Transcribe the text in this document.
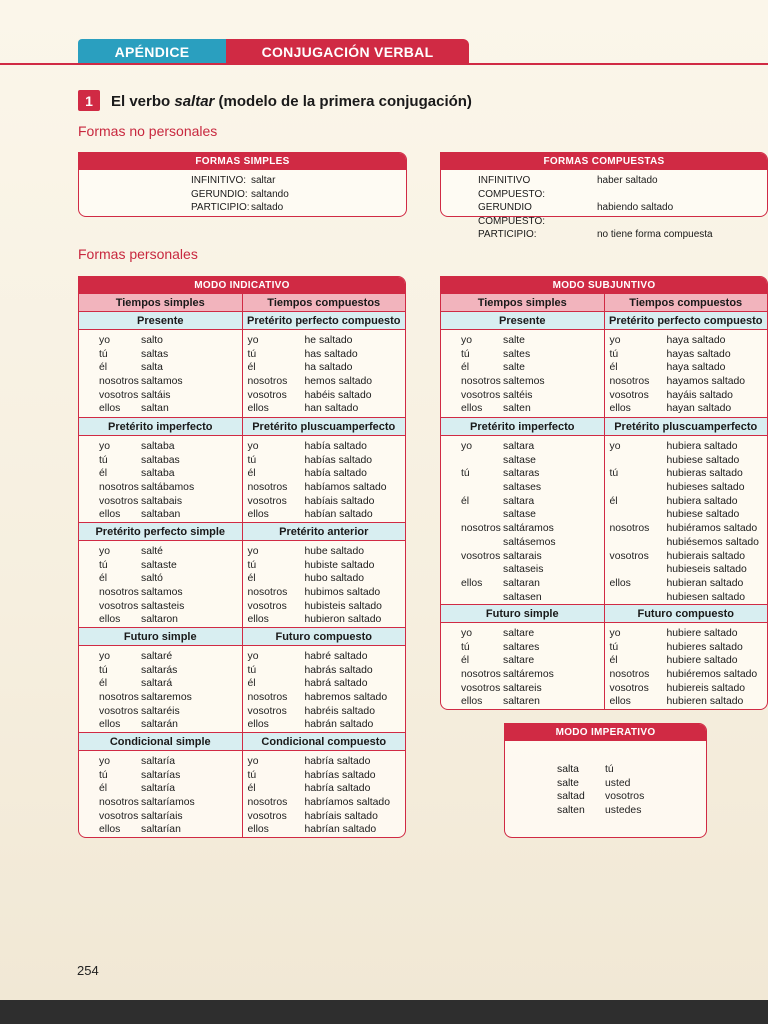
APÉNDICE	CONJUGACIÓN VERBAL
1	El verbo saltar (modelo de la primera conjugación)
Formas no personales
FORMAS SIMPLES
INFINITIVO: saltar
GERUNDIO: saltando
PARTICIPIO: saltado
FORMAS COMPUESTAS
INFINITIVO COMPUESTO:
haber saltado
GERUNDIO COMPUESTO:
habiendo saltado
PARTICIPIO:	no tiene forma compuesta
Formas personales
MODO INDICATIVO
Tiempos simples	Tiempos compuestos
Presente
yo	salto
tú	saltas
él	salta
nosotros saltamos
vosotros saltáis
ellos	saltan
Pretérito perfecto compuesto
yo	he saltado
tú	has saltado
él	ha saltado
nosotros	hemos saltado
vosotros	habéis saltado
ellos	han saltado
Pretérito imperfecto
yo	saltaba
tú	saltabas
él	saltaba
nosotros saltábamos
vosotros saltabais
ellos	saltaban
Pretérito pluscuamperfecto
yo	había saltado
tú	habías saltado
él	había saltado
nosotros	habíamos saltado
vosotros	habíais saltado
ellos	habían saltado
Pretérito perfecto simple
yo	salté
tú	saltaste
él	saltó
nosotros saltamos
vosotros saltasteis
ellos	saltaron
Pretérito anterior
yo	hube saltado
tú	hubiste saltado
él	hubo saltado
nosotros	hubimos saltado
vosotros	hubisteis saltado
ellos	hubieron saltado
Futuro simple
yo	saltaré
tú	saltarás
él	saltará
nosotros saltaremos
vosotros saltaréis
ellos	saltarán
Futuro compuesto
yo	habré saltado
tú	habrás saltado
él	habrá saltado
nosotros	habremos saltado
vosotros	habréis saltado
ellos	habrán saltado
Condicional simple
yo	saltaría
tú	saltarías
él	saltaría
nosotros saltaríamos
vosotros saltaríais
ellos	saltarían
Condicional compuesto
yo	habría saltado
tú	habrías saltado
él	habría saltado
nosotros	habríamos saltado
vosotros	habríais saltado
ellos	habrían saltado
MODO SUBJUNTIVO
Tiempos simples	Tiempos compuestos
Presente
yo	salte
tú	saltes
él	salte
nosotros saltemos
vosotros saltéis
ellos	salten
Pretérito perfecto compuesto
yo	haya saltado
tú	hayas saltado
él	haya saltado
nosotros	hayamos saltado
vosotros	hayáis saltado
ellos	hayan saltado
Pretérito imperfecto
yo	saltara
saltase
tú	saltaras
saltases
él	saltara
saltase
nosotros saltáramos
saltásemos
vosotros saltarais
saltaseis
ellos	saltaran
saltasen
Pretérito pluscuamperfecto
yo	hubiera saltado
hubiese saltado
tú	hubieras saltado
hubieses saltado
él	hubiera saltado
hubiese saltado
nosotros	hubiéramos saltado
hubiésemos saltado
vosotros	hubierais saltado
hubieseis saltado
ellos	hubieran saltado
hubiesen saltado
Futuro simple
yo	saltare
tú	saltares
él	saltare
nosotros saltáremos
vosotros saltareis
ellos	saltaren
Futuro compuesto
yo	hubiere saltado
tú	hubieres saltado
él	hubiere saltado
nosotros	hubiéremos saltado
vosotros	hubiereis saltado
ellos	hubieren saltado
MODO IMPERATIVO
salta	tú
salte	usted
saltad	vosotros
salten	ustedes
254
